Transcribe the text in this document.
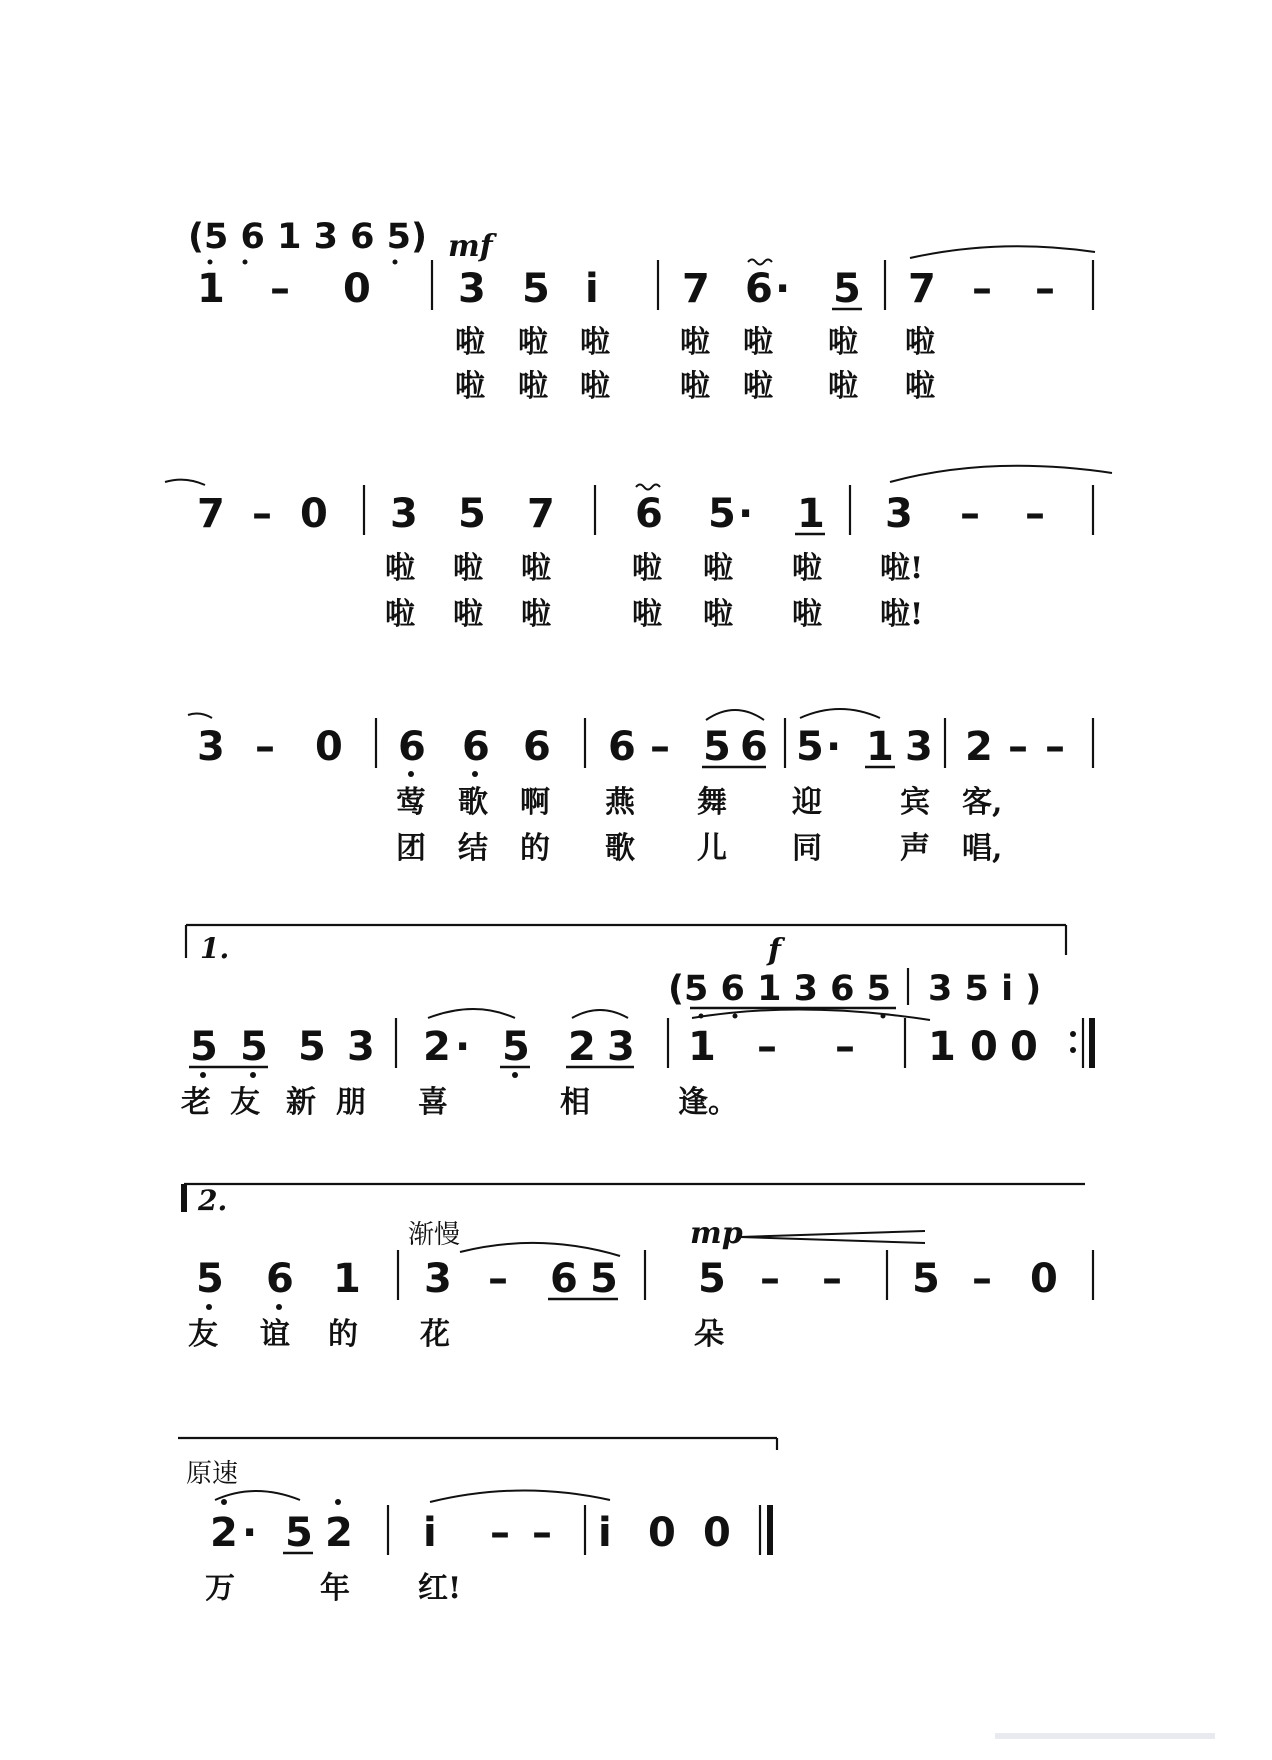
(5 6 1 3 6 5) mf
1 – 0 3 5 i 7 6 · 5 7 – –
啦 啦 啦 啦 啦 啦 啦
啦 啦 啦 啦 啦 啦 啦
7 – 0 3 5 7 6 5 · 1 3 – –
啦 啦 啦	啦 啦 啦 啦!
啦 啦 啦	啦 啦 啦 啦!
3 – 0 6 6 6 6 – 5 6 5 · 1 3 2 – –
莺 歌 啊 燕 舞 迎	宾 客,
团 结 的 歌 儿 同	声 唱,
1.	f
(5 6 1 3 6 5 3 5 i )
5 5 5 3 2 · 5 2 3 1 – – 1 0 0
老 友 新 朋 喜	相	逢。
2.
渐慢	mp
5 6 1 3 – 6 5 5 – – 5 – 0
友 谊 的 花	朵
原速
2 · 5 2 i – – i 0 0
万	年 红!
